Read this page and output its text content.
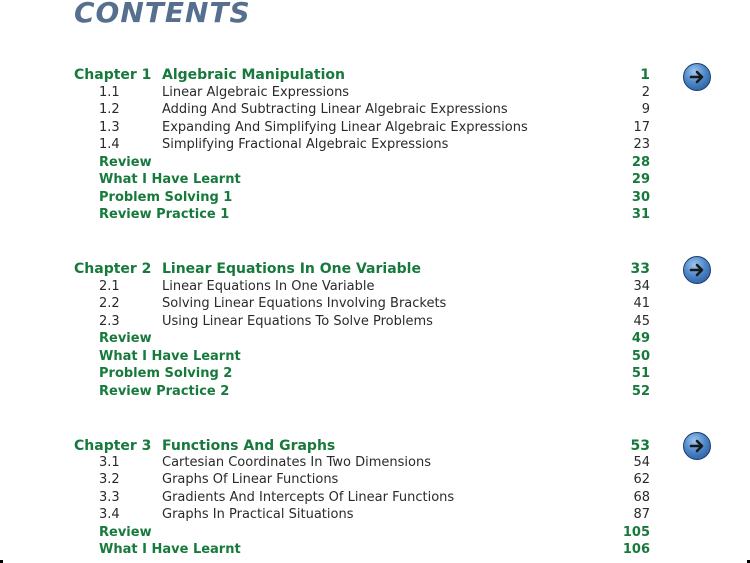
CONTENTS
Chapter 1 Algebraic Manipulation	1
1.1	Linear Algebraic Expressions	2
1.2	Adding And Subtracting Linear Algebraic Expressions	9
1.3	Expanding And Simplifying Linear Algebraic Expressions	17
1.4	Simplifying Fractional Algebraic Expressions	23
Review	28
What I Have Learnt	29
Problem Solving 1	30
Review Practice 1	31
Chapter 2 Linear Equations In One Variable	33
2.1	Linear Equations In One Variable	34
2.2	Solving Linear Equations Involving Brackets	41
2.3	Using Linear Equations To Solve Problems	45
Review	49
What I Have Learnt	50
Problem Solving 2	51
Review Practice 2	52
Chapter 3 Functions And Graphs	53
3.1	Cartesian Coordinates In Two Dimensions	54
3.2	Graphs Of Linear Functions	62
3.3	Gradients And Intercepts Of Linear Functions	68
3.4	Graphs In Practical Situations	87
Review	105
What I Have Learnt	106
